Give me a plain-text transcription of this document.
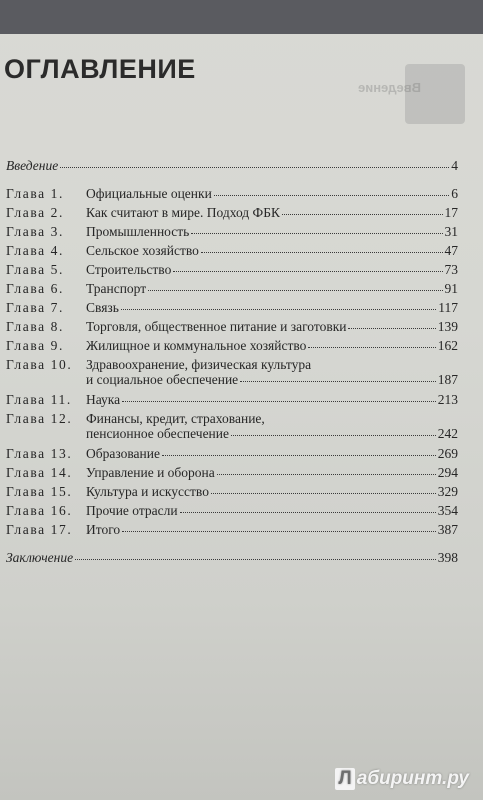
Введение
ОГЛАВЛЕНИЕ
Введение	4
Заключение	398
Глава 1. Официальные оценки	6
Глава 2. Как считают в мире. Подход ФБК	17
Глава 3. Промышленность	31
Глава 4. Сельское хозяйство	47
Глава 5. Строительство	73
Глава 6. Транспорт	91
Глава 7. Связь	117
Глава 8. Торговля, общественное питание и заготовки	139
Глава 9. Жилищное и коммунальное хозяйство	162
Глава 10. Здравоохранение, физическая культура
и социальное обеспечение	187
Глава 11. Наука	213
Глава 12. Финансы, кредит, страхование,
пенсионное обеспечение	242
Глава 13. Образование	269
Глава 14. Управление и оборона	294
Глава 15. Культура и искусство	329
Глава 16. Прочие отрасли	354
Глава 17. Итого	387
Л абиринт.ру
